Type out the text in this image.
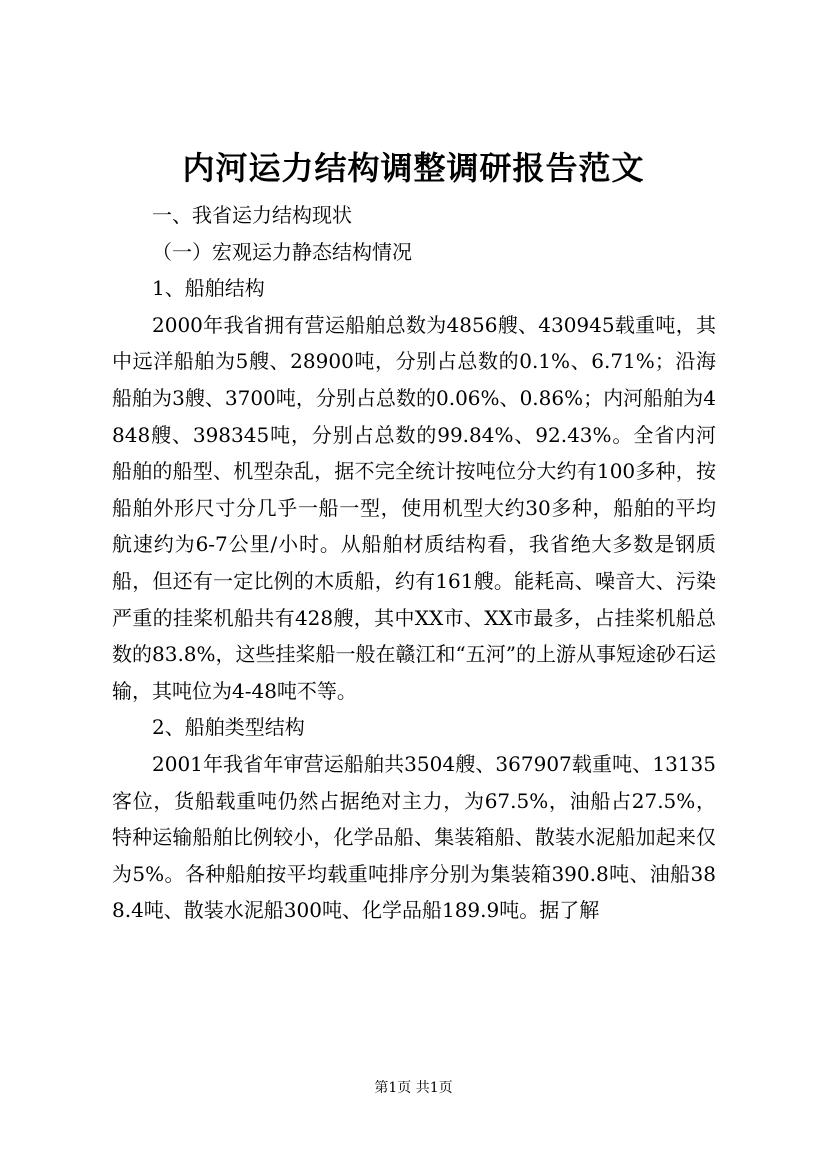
内河运力结构调整调研报告范文

一、我省运力结构现状

（一）宏观运力静态结构情况

1、船舶结构

2000年我省拥有营运船舶总数为4856艘、430945载重吨，其中远洋船舶为5艘、28900吨，分别占总数的0.1%、6.71%；沿海船舶为3艘、3700吨，分别占总数的0.06%、0.86%；内河船舶为4848艘、398345吨，分别占总数的99.84%、92.43%。全省内河船舶的船型、机型杂乱，据不完全统计按吨位分大约有100多种，按船舶外形尺寸分几乎一船一型，使用机型大约30多种，船舶的平均航速约为6-7公里/小时。从船舶材质结构看，我省绝大多数是钢质船，但还有一定比例的木质船，约有161艘。能耗高、噪音大、污染严重的挂桨机船共有428艘，其中XX市、XX市最多，占挂桨机船总数的83.8%，这些挂桨船一般在赣江和“五河”的上游从事短途砂石运输，其吨位为4-48吨不等。

2、船舶类型结构

2001年我省年审营运船舶共3504艘、367907载重吨、13135客位，货船载重吨仍然占据绝对主力，为67.5%，油船占27.5%，特种运输船舶比例较小，化学品船、集装箱船、散装水泥船加起来仅为5%。各种船舶按平均载重吨排序分别为集装箱390.8吨、油船388.4吨、散装水泥船300吨、化学品船189.9吨。据了解

第1页 共1页
